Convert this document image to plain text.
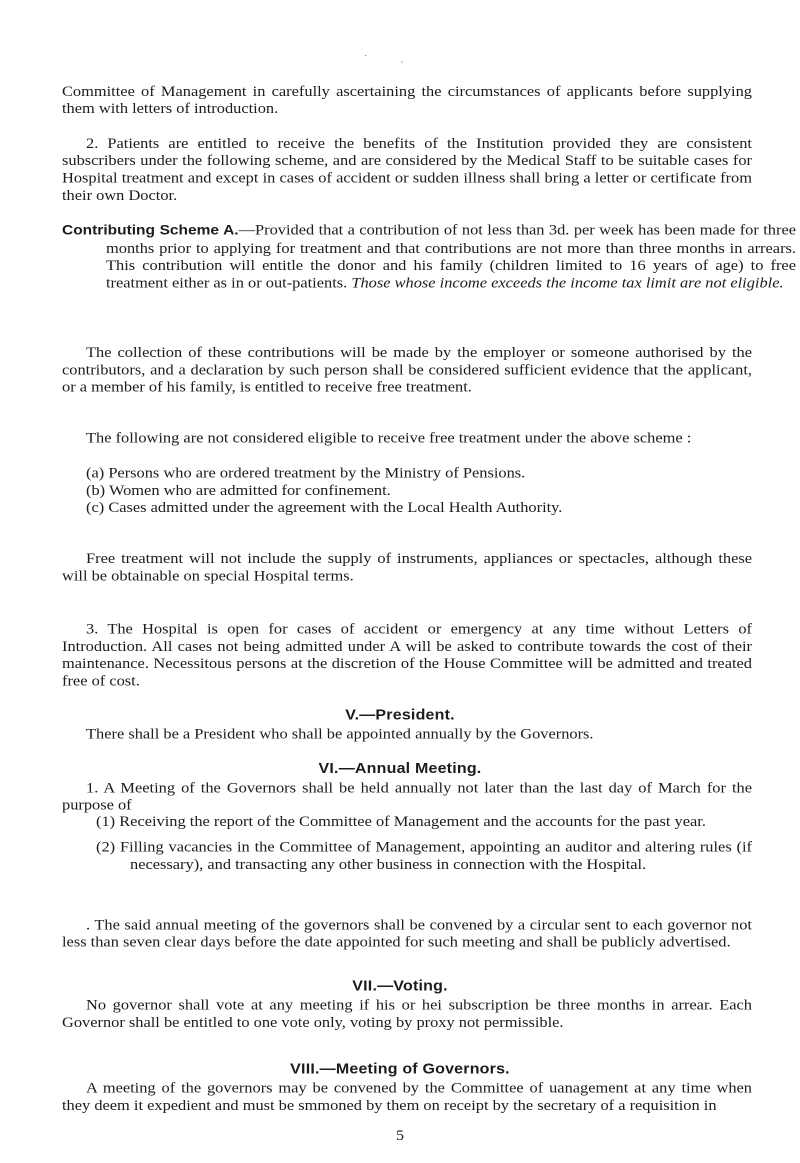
·
'

Committee of Management in carefully ascertaining the circumstances of applicants before supplying them with letters of introduction.

2. Patients are entitled to receive the benefits of the Institution provided they are consistent subscribers under the following scheme, and are considered by the Medical Staff to be suitable cases for Hospital treatment and except in cases of accident or sudden illness shall bring a letter or certificate from their own Doctor.

Contributing Scheme A.—Provided that a contribution of not less than 3d. per week has been made for three months prior to applying for treatment and that contributions are not more than three months in arrears. This contribution will entitle the donor and his family (children limited to 16 years of age) to free treatment either as in or out-patients. Those whose income exceeds the income tax limit are not eligible.

The collection of these contributions will be made by the employer or someone authorised by the contributors, and a declaration by such person shall be considered sufficient evidence that the applicant, or a member of his family, is entitled to receive free treatment.

The following are not considered eligible to receive free treatment under the above scheme :

(a) Persons who are ordered treatment by the Ministry of Pensions.

(b) Women who are admitted for confinement.

(c) Cases admitted under the agreement with the Local Health Authority.

Free treatment will not include the supply of instruments, appliances or spectacles, although these will be obtainable on special Hospital terms.

3. The Hospital is open for cases of accident or emergency at any time without Letters of Introduction. All cases not being admitted under A will be asked to contribute towards the cost of their maintenance. Necessitous persons at the discretion of the House Committee will be admitted and treated free of cost.

V.—President.

There shall be a President who shall be appointed annually by the Governors.

VI.—Annual Meeting.

1. A Meeting of the Governors shall be held annually not later than the last day of March for the purpose of

(1) Receiving the report of the Committee of Management and the accounts for the past year.

(2) Filling vacancies in the Committee of Management, appointing an auditor and altering rules (if necessary), and transacting any other business in connection with the Hospital.

. The said annual meeting of the governors shall be convened by a circular sent to each governor not less than seven clear days before the date appointed for such meeting and shall be publicly advertised.

VII.—Voting.

No governor shall vote at any meeting if his or hei subscription be three months in arrear. Each Governor shall be entitled to one vote only, voting by proxy not permissible.

VIII.—Meeting of Governors.

A meeting of the governors may be convened by the Committee of uanagement at any time when they deem it expedient and must be smmoned by them on receipt by the secretary of a requisition in

5
